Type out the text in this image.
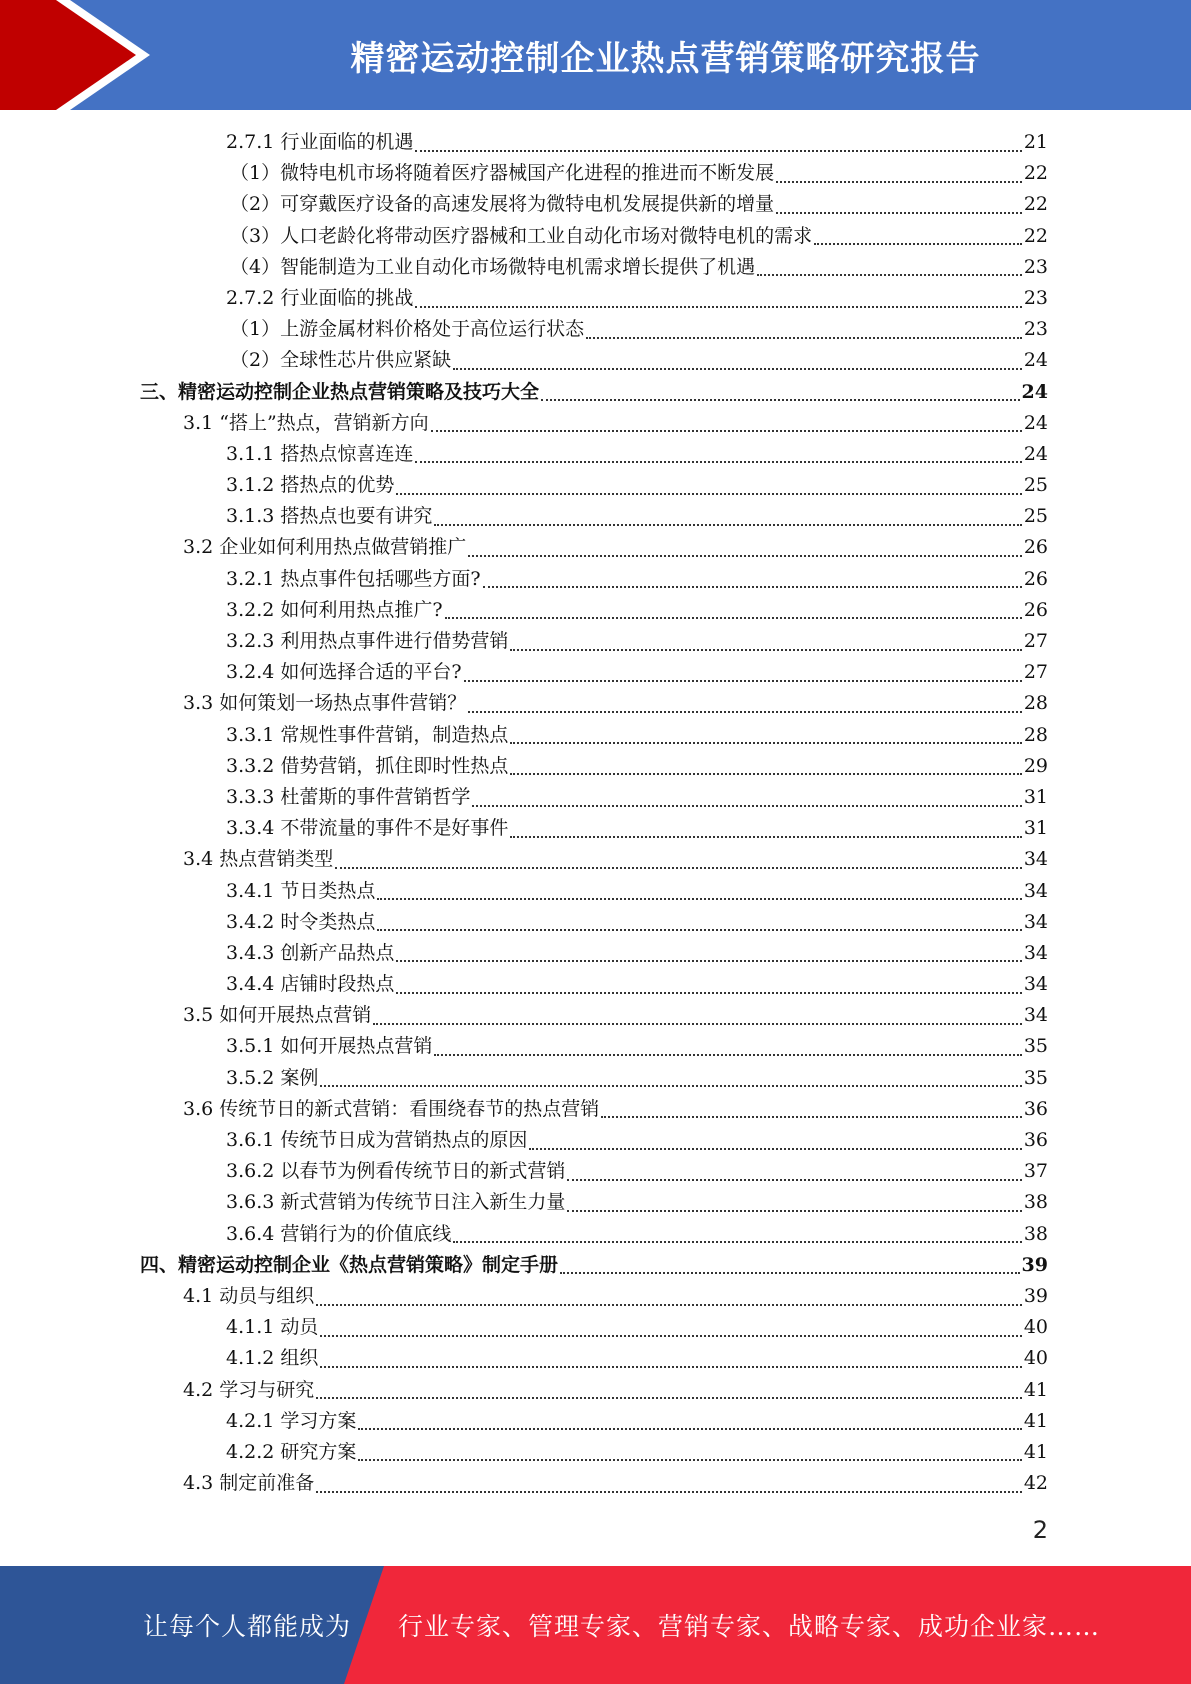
精密运动控制企业热点营销策略研究报告
2.7.1 行业面临的机遇	21
（1）微特电机市场将随着医疗器械国产化进程的推进而不断发展	22
（2）可穿戴医疗设备的高速发展将为微特电机发展提供新的增量	22
（3）人口老龄化将带动医疗器械和工业自动化市场对微特电机的需求	22
（4）智能制造为工业自动化市场微特电机需求增长提供了机遇	23
2.7.2 行业面临的挑战	23
（1）上游金属材料价格处于高位运行状态	23
（2）全球性芯片供应紧缺	24
三、精密运动控制企业热点营销策略及技巧大全	24
3.1 “搭上”热点，营销新方向	24
3.1.1 搭热点惊喜连连	24
3.1.2 搭热点的优势	25
3.1.3 搭热点也要有讲究	25
3.2 企业如何利用热点做营销推广	26
3.2.1 热点事件包括哪些方面?	26
3.2.2 如何利用热点推广?	26
3.2.3 利用热点事件进行借势营销	27
3.2.4 如何选择合适的平台?	27
3.3 如何策划一场热点事件营销？	28
3.3.1 常规性事件营销，制造热点	28
3.3.2 借势营销，抓住即时性热点	29
3.3.3 杜蕾斯的事件营销哲学	31
3.3.4 不带流量的事件不是好事件	31
3.4 热点营销类型	34
3.4.1 节日类热点	34
3.4.2 时令类热点	34
3.4.3 创新产品热点	34
3.4.4 店铺时段热点	34
3.5 如何开展热点营销	34
3.5.1 如何开展热点营销	35
3.5.2 案例	35
3.6 传统节日的新式营销：看围绕春节的热点营销	36
3.6.1 传统节日成为营销热点的原因	36
3.6.2 以春节为例看传统节日的新式营销	37
3.6.3 新式营销为传统节日注入新生力量	38
3.6.4 营销行为的价值底线	38
四、精密运动控制企业《热点营销策略》制定手册	39
4.1 动员与组织	39
4.1.1 动员	40
4.1.2 组织	40
4.2 学习与研究	41
4.2.1 学习方案	41
4.2.2 研究方案	41
4.3 制定前准备	42
2
让每个人都能成为 行业专家、管理专家、营销专家、战略专家、成功企业家……
